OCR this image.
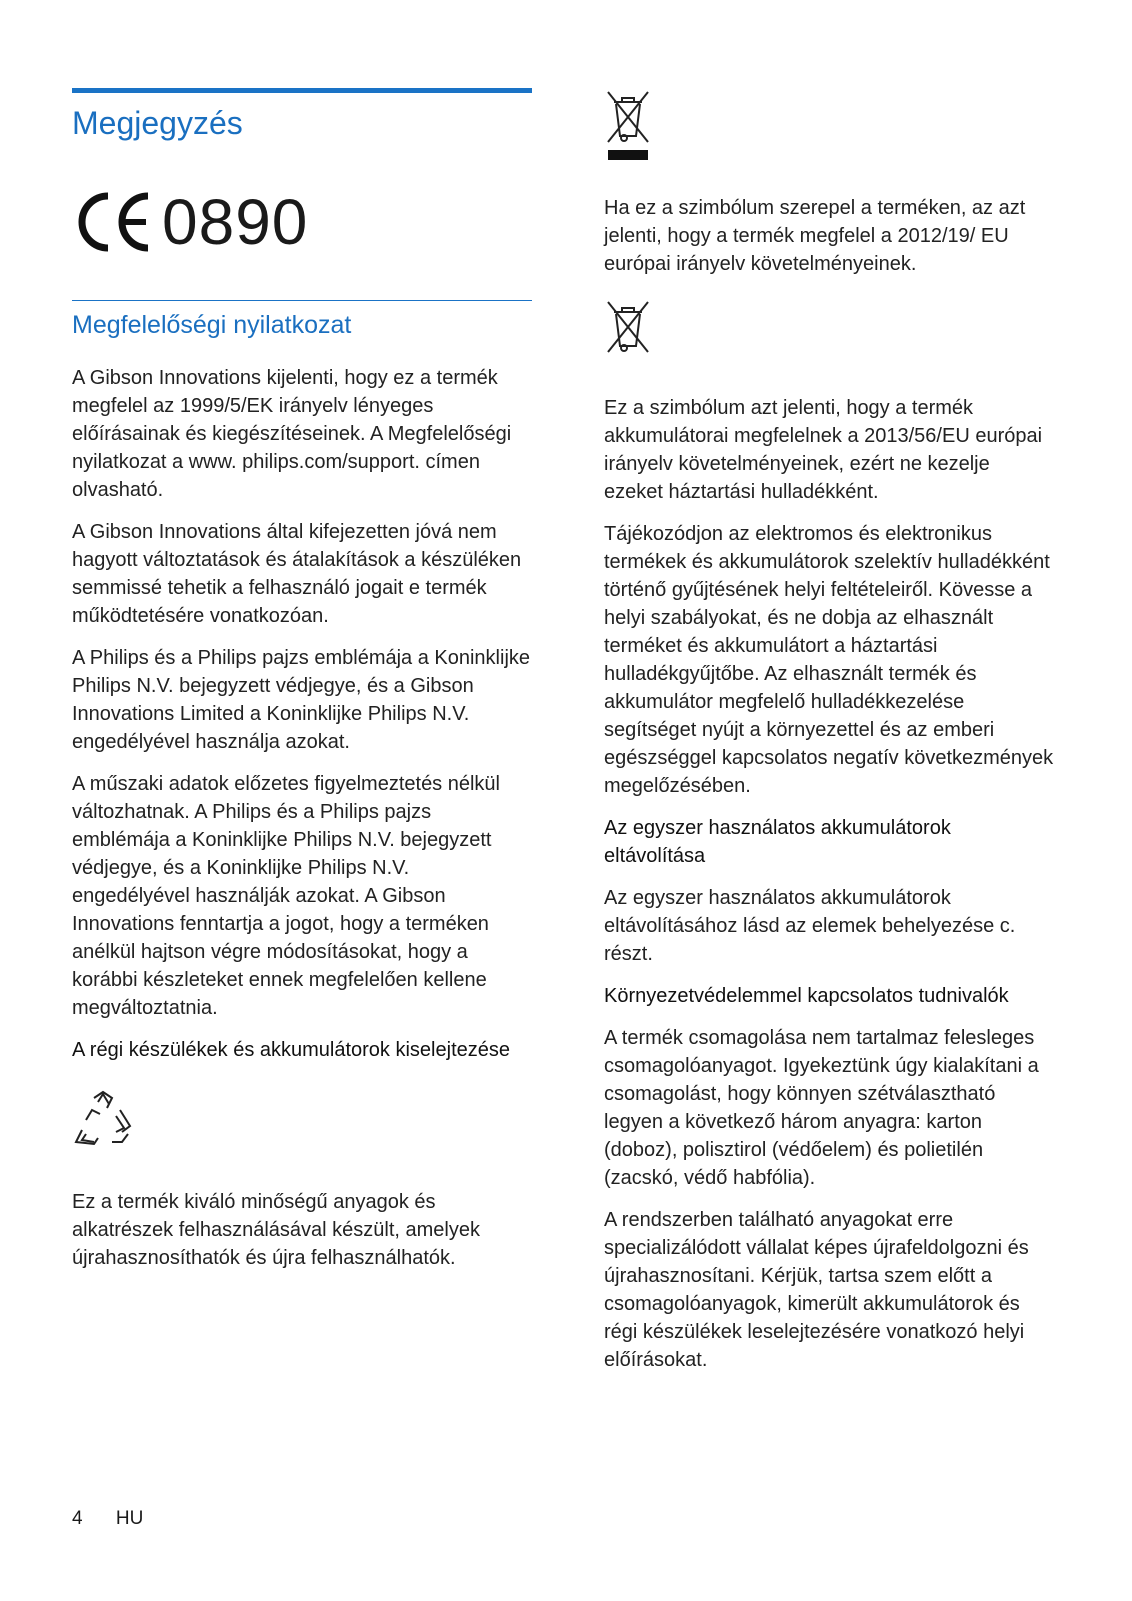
Megjegyzés
0890
Megfelelőségi nyilatkozat

A Gibson Innovations kijelenti, hogy ez a termék megfelel az 1999/5/EK irányelv lényeges előírásainak és kiegészítéseinek. A Megfelelőségi nyilatkozat a www. philips.com/support. címen olvasható.

A Gibson Innovations által kifejezetten jóvá nem hagyott változtatások és átalakítások a készüléken semmissé tehetik a felhasználó jogait e termék működtetésére vonatkozóan.

A Philips és a Philips pajzs emblémája a Koninklijke Philips N.V. bejegyzett védjegye, és a Gibson Innovations Limited a Koninklijke Philips N.V. engedélyével használja azokat.

A műszaki adatok előzetes figyelmeztetés nélkül változhatnak. A Philips és a Philips pajzs emblémája a Koninklijke Philips N.V. bejegyzett védjegye, és a Koninklijke Philips N.V. engedélyével használják azokat. A Gibson Innovations fenntartja a jogot, hogy a terméken anélkül hajtson végre módosításokat, hogy a korábbi készleteket ennek megfelelően kellene megváltoztatnia.

A régi készülékek és akkumulátorok kiselejtezése

Ez a termék kiváló minőségű anyagok és alkatrészek felhasználásával készült, amelyek újrahasznosíthatók és újra felhasználhatók.

Ha ez a szimbólum szerepel a terméken, az azt jelenti, hogy a termék megfelel a 2012/19/ EU európai irányelv követelményeinek.

Ez a szimbólum azt jelenti, hogy a termék akkumulátorai megfelelnek a 2013/56/EU európai irányelv követelményeinek, ezért ne kezelje ezeket háztartási hulladékként.

Tájékozódjon az elektromos és elektronikus termékek és akkumulátorok szelektív hulladékként történő gyűjtésének helyi feltételeiről. Kövesse a helyi szabályokat, és ne dobja az elhasznált terméket és akkumulátort a háztartási hulladékgyűjtőbe. Az elhasznált termék és akkumulátor megfelelő hulladékkezelése segítséget nyújt a környezettel és az emberi egészséggel kapcsolatos negatív következmények megelőzésében.

Az egyszer használatos akkumulátorok eltávolítása

Az egyszer használatos akkumulátorok eltávolításához lásd az elemek behelyezése c. részt.

Környezetvédelemmel kapcsolatos tudnivalók

A termék csomagolása nem tartalmaz felesleges csomagolóanyagot. Igyekeztünk úgy kialakítani a csomagolást, hogy könnyen szétválasztható legyen a következő három anyagra: karton (doboz), polisztirol (védőelem) és polietilén (zacskó, védő habfólia).

A rendszerben található anyagokat erre specializálódott vállalat képes újrafeldolgozni és újrahasznosítani. Kérjük, tartsa szem előtt a csomagolóanyagok, kimerült akkumulátorok és régi készülékek leselejtezésére vonatkozó helyi előírásokat.

4 HU
